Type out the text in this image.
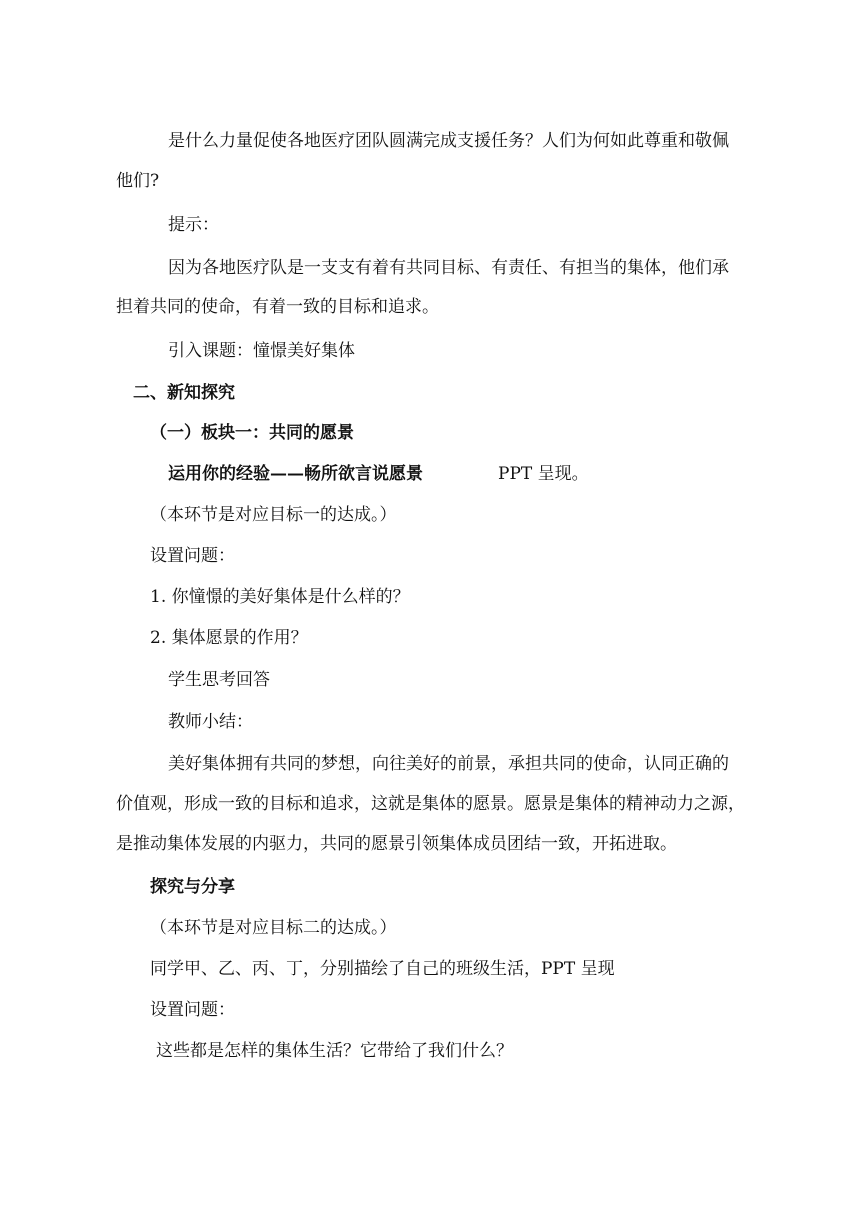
是什么力量促使各地医疗团队圆满完成支援任务？人们为何如此尊重和敬佩
他们?
提示：
因为各地医疗队是一支支有着有共同目标、有责任、有担当的集体，他们承
担着共同的使命，有着一致的目标和追求。
引入课题：憧憬美好集体
二、新知探究
（一）板块一：共同的愿景
运用你的经验——畅所欲言说愿景	PPT 呈现。
（本环节是对应目标一的达成。）
设置问题：
1. 你憧憬的美好集体是什么样的？
2. 集体愿景的作用？
学生思考回答
教师小结：
美好集体拥有共同的梦想，向往美好的前景，承担共同的使命，认同正确的
价值观，形成一致的目标和追求，这就是集体的愿景。愿景是集体的精神动力之源，
是推动集体发展的内驱力，共同的愿景引领集体成员团结一致，开拓进取。
探究与分享
（本环节是对应目标二的达成。）
同学甲、乙、丙、丁，分别描绘了自己的班级生活，PPT 呈现
设置问题：
这些都是怎样的集体生活？它带给了我们什么？
